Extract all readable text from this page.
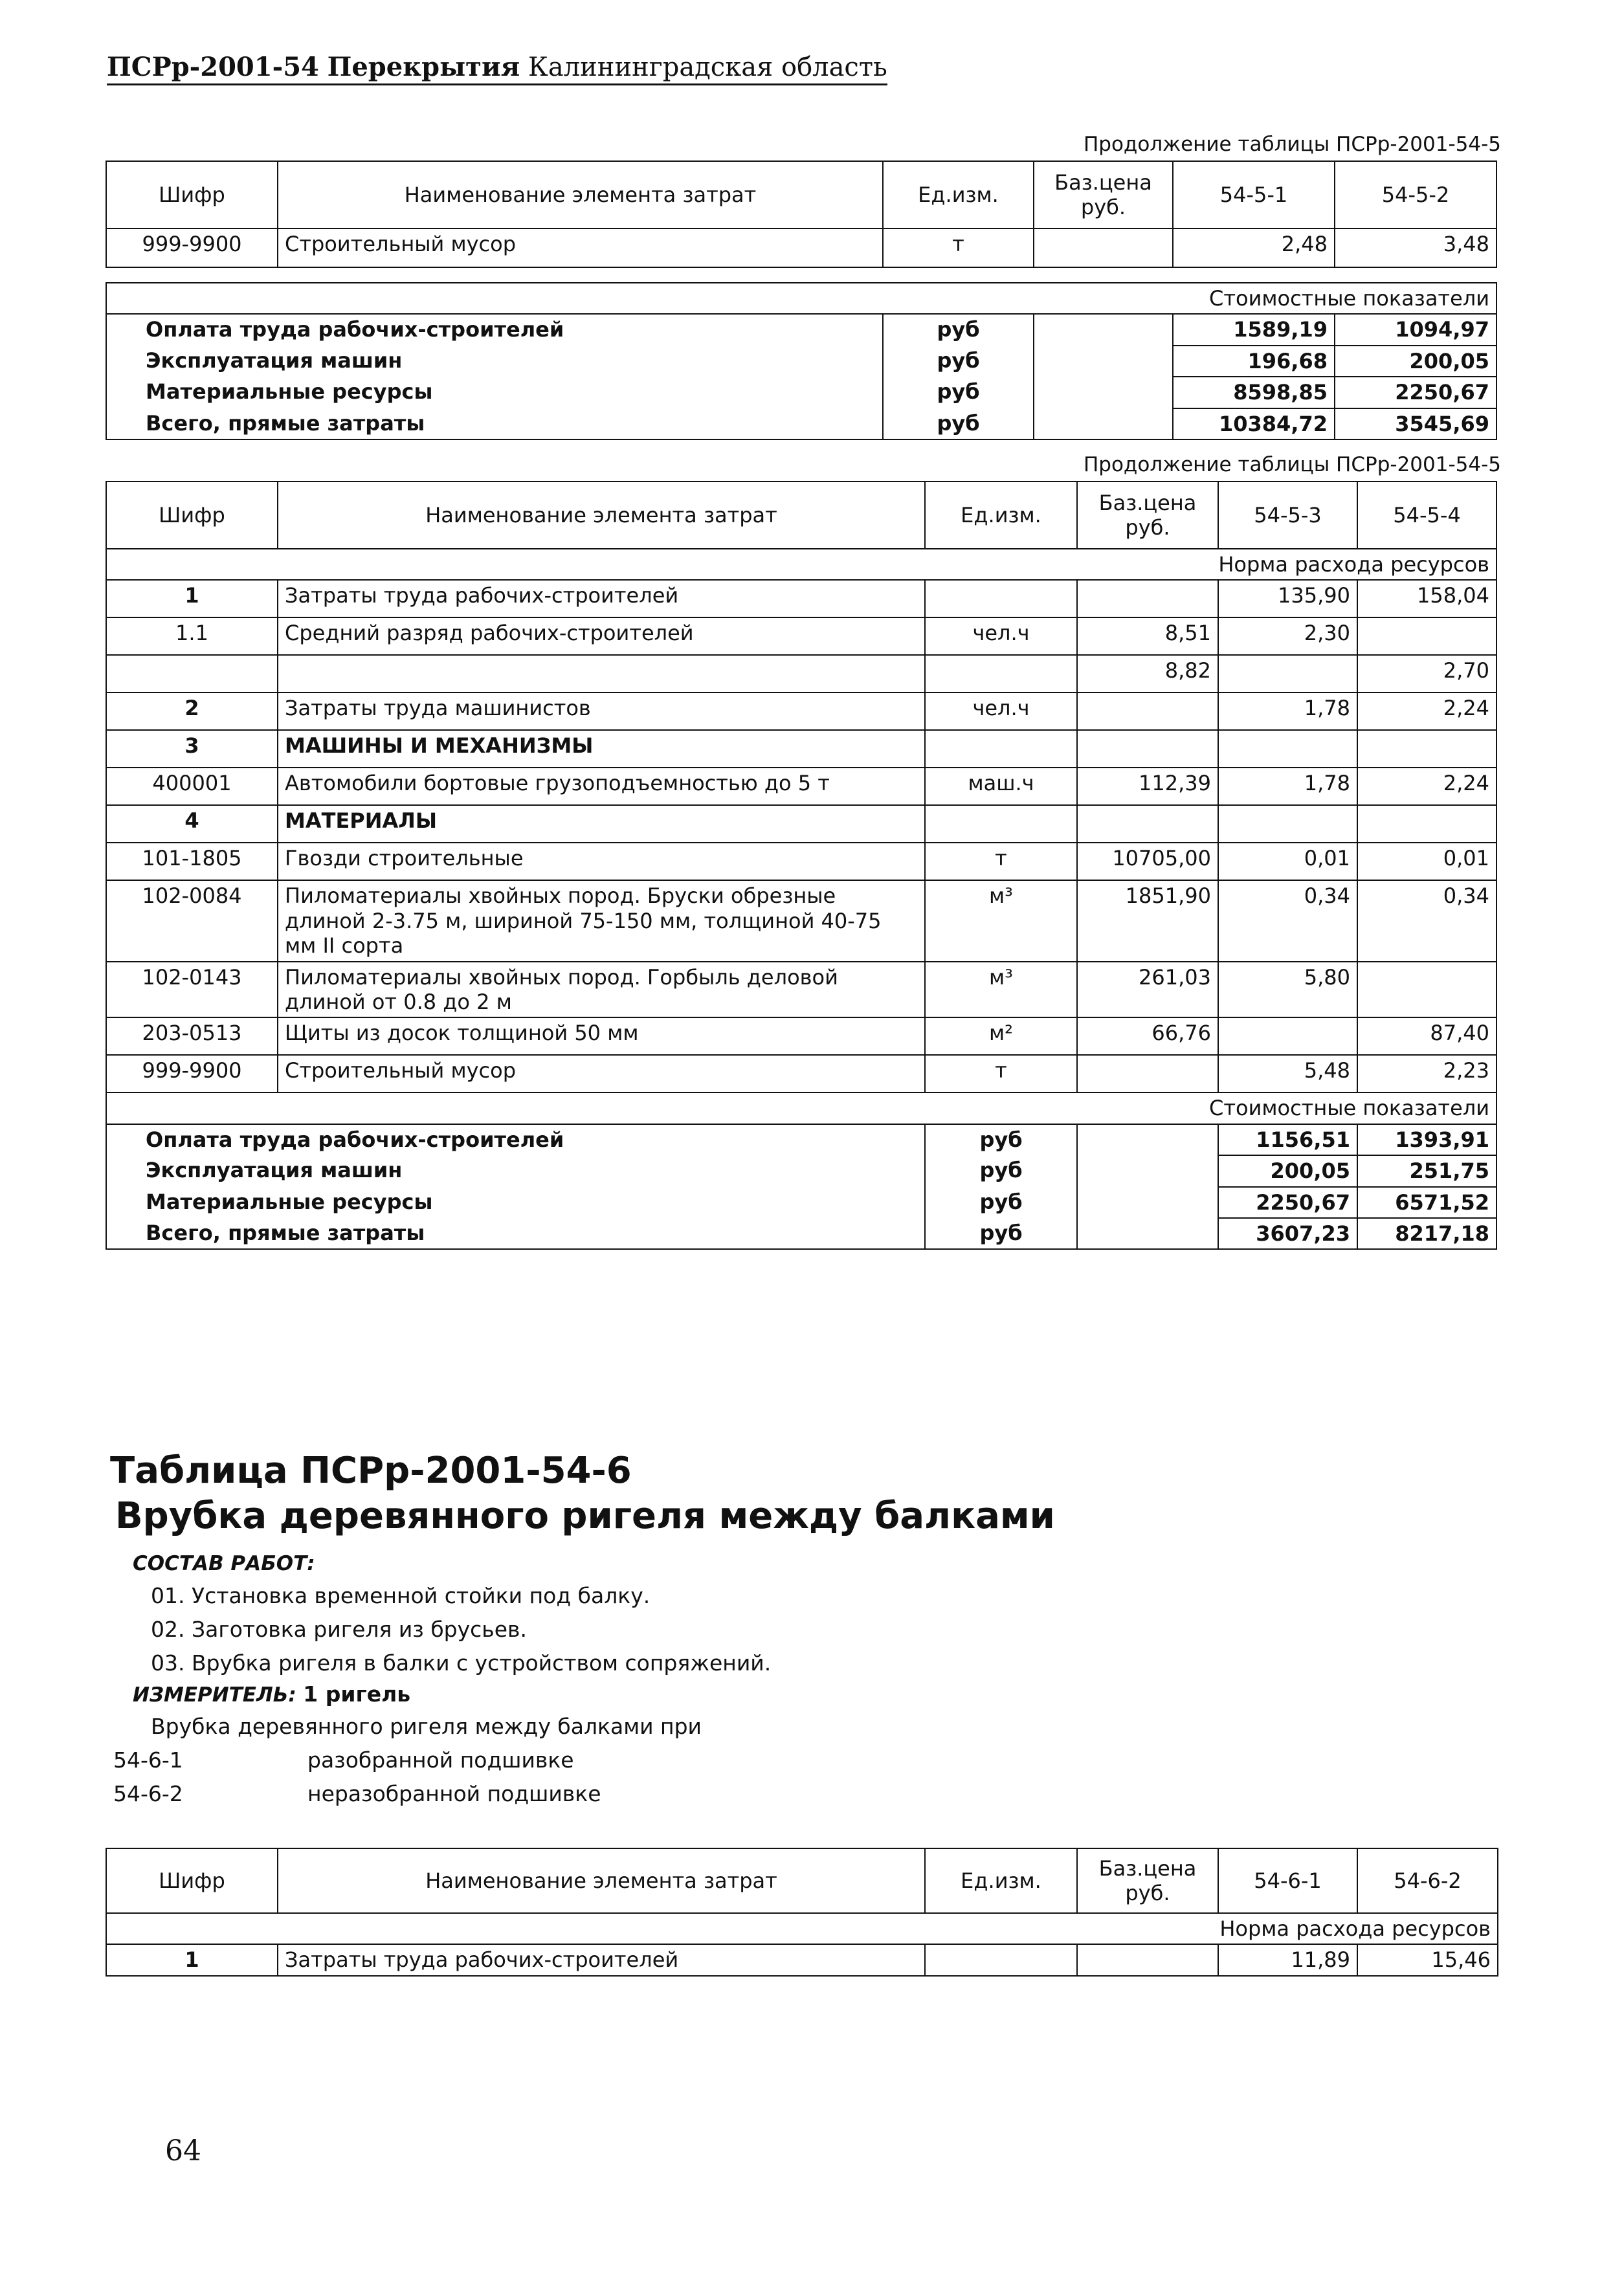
ПСРр-2001-54 Перекрытия Калининградская область
Продолжение таблицы ПСРр-2001-54-5
Шифр	Наименование элемента затрат	Ед.изм.	Баз.цена руб.	54-5-1	54-5-2
999-9900	Строительный мусор	т		2,48	3,48

Стоимостные показатели					
Оплата труда рабочих-строителей		руб		1589,19	1094,97
Эксплуатация машин		руб		196,68	200,05
Материальные ресурсы		руб		8598,85	2250,67
Всего, прямые затраты		руб		10384,72	3545,69
Продолжение таблицы ПСРр-2001-54-5
Шифр	Наименование элемента затрат	Ед.изм.	Баз.цена руб.	54-5-3	54-5-4
Норма расхода ресурсов					
1	Затраты труда рабочих-строителей			135,90	158,04
1.1	Средний разряд рабочих-строителей	чел.ч	8,51	2,30	
			8,82		2,70
2	Затраты труда машинистов	чел.ч		1,78	2,24
3	МАШИНЫ И МЕХАНИЗМЫ				
400001	Автомобили бортовые грузоподъемностью до 5 т	маш.ч	112,39	1,78	2,24
4	МАТЕРИАЛЫ				
101-1805	Гвозди строительные	т	10705,00	0,01	0,01
102-0084	Пиломатериалы хвойных пород. Бруски обрезные длиной 2-3.75 м, шириной 75-150 мм, толщиной 40-75 мм II сорта	м³	1851,90	0,34	0,34
102-0143	Пиломатериалы хвойных пород. Горбыль деловой длиной от 0.8 до 2 м	м³	261,03	5,80	
203-0513	Щиты из досок толщиной 50 мм	м²	66,76		87,40
999-9900	Строительный мусор	т		5,48	2,23
Стоимостные показатели					
Оплата труда рабочих-строителей		руб		1156,51	1393,91
Эксплуатация машин		руб		200,05	251,75
Материальные ресурсы		руб		2250,67	6571,52
Всего, прямые затраты		руб		3607,23	8217,18
Таблица ПСРр-2001-54-6
Врубка деревянного ригеля между балками
СОСТАВ РАБОТ:
01. Установка временной стойки под балку.
02. Заготовка ригеля из брусьев.
03. Врубка ригеля в балки с устройством сопряжений.
ИЗМЕРИТЕЛЬ: 1 ригель
Врубка деревянного ригеля между балками при
54-6-1	разобранной подшивке
54-6-2	неразобранной подшивке
Шифр	Наименование элемента затрат	Ед.изм.	Баз.цена руб.	54-6-1	54-6-2
Норма расхода ресурсов					
1	Затраты труда рабочих-строителей			11,89	15,46
64
